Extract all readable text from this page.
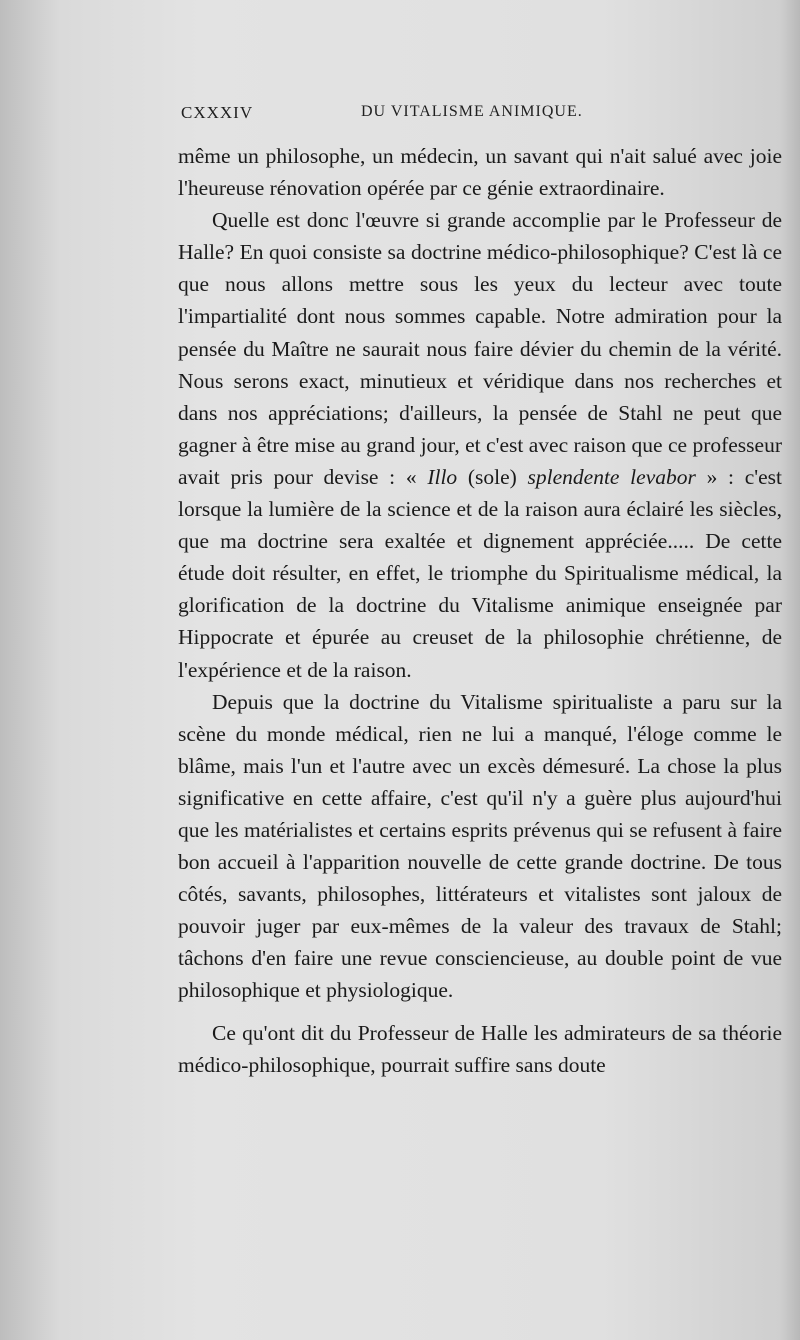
CXXXIV	DU VITALISME ANIMIQUE.

même un philosophe, un médecin, un savant qui n'ait salué avec joie l'heureuse rénovation opérée par ce génie extraordinaire.

Quelle est donc l'œuvre si grande accomplie par le Professeur de Halle? En quoi consiste sa doctrine médico-philosophique? C'est là ce que nous allons mettre sous les yeux du lecteur avec toute l'impartialité dont nous sommes capable. Notre admiration pour la pensée du Maître ne saurait nous faire dévier du chemin de la vérité. Nous serons exact, minutieux et véridique dans nos recherches et dans nos appréciations; d'ailleurs, la pensée de Stahl ne peut que gagner à être mise au grand jour, et c'est avec raison que ce professeur avait pris pour devise : « Illo (sole) splendente levabor » : c'est lorsque la lumière de la science et de la raison aura éclairé les siècles, que ma doctrine sera exaltée et dignement appréciée..... De cette étude doit résulter, en effet, le triomphe du Spiritualisme médical, la glorification de la doctrine du Vitalisme animique enseignée par Hippocrate et épurée au creuset de la philosophie chrétienne, de l'expérience et de la raison.

Depuis que la doctrine du Vitalisme spiritualiste a paru sur la scène du monde médical, rien ne lui a manqué, l'éloge comme le blâme, mais l'un et l'autre avec un excès démesuré. La chose la plus significative en cette affaire, c'est qu'il n'y a guère plus aujourd'hui que les matérialistes et certains esprits prévenus qui se refusent à faire bon accueil à l'apparition nouvelle de cette grande doctrine. De tous côtés, savants, philosophes, littérateurs et vitalistes sont jaloux de pouvoir juger par eux-mêmes de la valeur des travaux de Stahl; tâchons d'en faire une revue consciencieuse, au double point de vue philosophique et physiologique.

Ce qu'ont dit du Professeur de Halle les admirateurs de sa théorie médico-philosophique, pourrait suffire sans doute
